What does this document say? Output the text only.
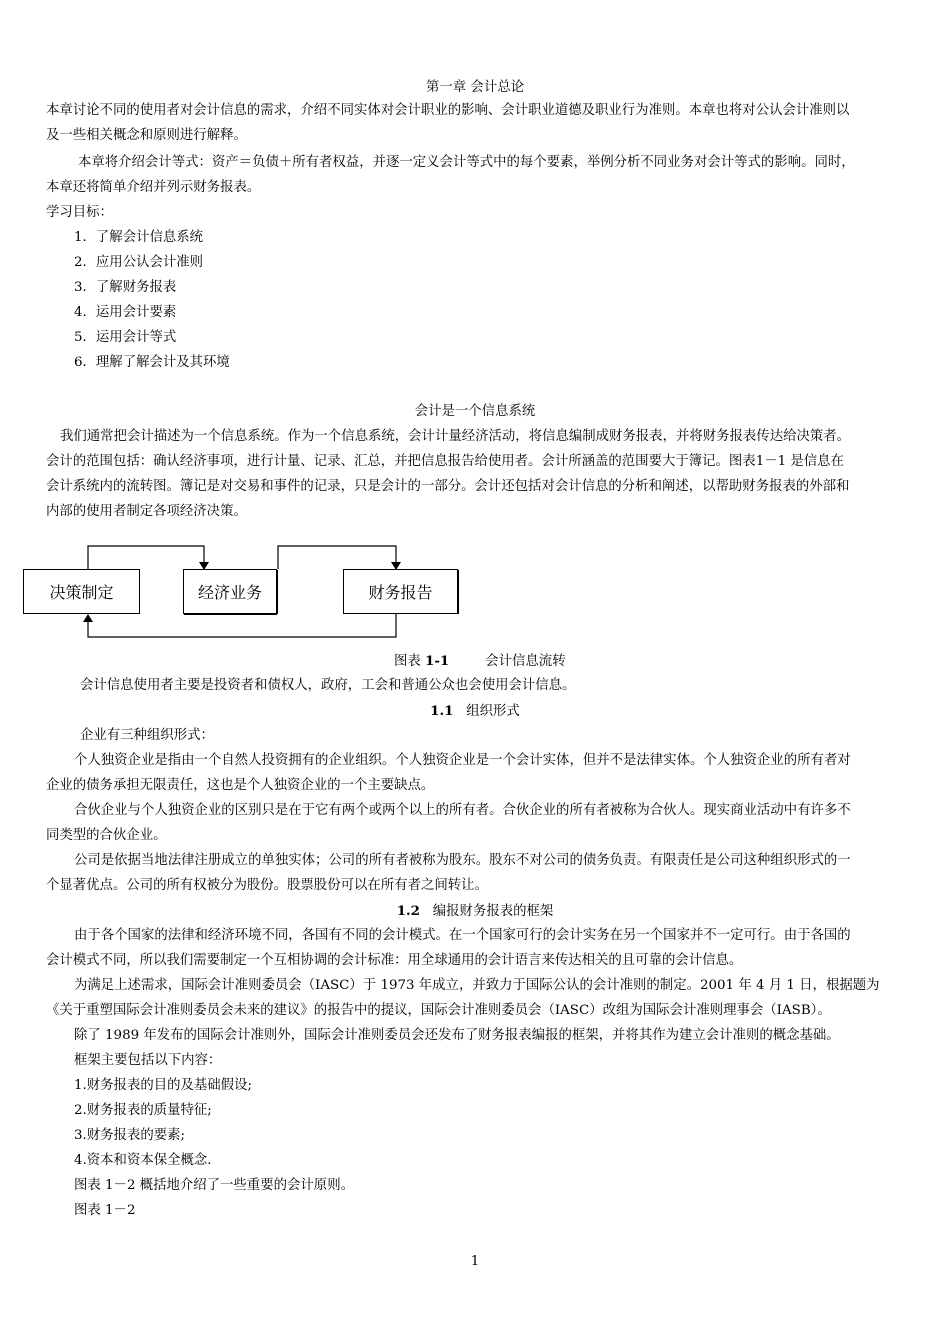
第一章 会计总论
本章讨论不同的使用者对会计信息的需求，介绍不同实体对会计职业的影响、会计职业道德及职业行为准则。本章也将对公认会计准则以
及一些相关概念和原则进行解释。
本章将介绍会计等式：资产＝负债＋所有者权益，并逐一定义会计等式中的每个要素，举例分析不同业务对会计等式的影响。同时，
本章还将简单介绍并列示财务报表。
学习目标：
1．了解会计信息系统
2．应用公认会计准则
3．了解财务报表
4．运用会计要素
5．运用会计等式
6．理解了解会计及其环境
会计是一个信息系统
我们通常把会计描述为一个信息系统。作为一个信息系统，会计计量经济活动，将信息编制成财务报表，并将财务报表传达给决策者。
会计的范围包括：确认经济事项，进行计量、记录、汇总，并把信息报告给使用者。会计所涵盖的范围要大于簿记。图表1－1 是信息在
会计系统内的流转图。簿记是对交易和事件的记录，只是会计的一部分。会计还包括对会计信息的分析和阐述，以帮助财务报表的外部和
内部的使用者制定各项经济决策。
决策制定	经济业务	财务报告
图表 1-1	会计信息流转
会计信息使用者主要是投资者和债权人，政府，工会和普通公众也会使用会计信息。
1.1 组织形式
企业有三种组织形式：
个人独资企业是指由一个自然人投资拥有的企业组织。个人独资企业是一个会计实体，但并不是法律实体。个人独资企业的所有者对
企业的债务承担无限责任，这也是个人独资企业的一个主要缺点。
合伙企业与个人独资企业的区别只是在于它有两个或两个以上的所有者。合伙企业的所有者被称为合伙人。现实商业活动中有许多不
同类型的合伙企业。
公司是依据当地法律注册成立的单独实体；公司的所有者被称为股东。股东不对公司的债务负责。有限责任是公司这种组织形式的一
个显著优点。公司的所有权被分为股份。股票股份可以在所有者之间转让。
1.2 编报财务报表的框架
由于各个国家的法律和经济环境不同，各国有不同的会计模式。在一个国家可行的会计实务在另一个国家并不一定可行。由于各国的
会计模式不同，所以我们需要制定一个互相协调的会计标准：用全球通用的会计语言来传达相关的且可靠的会计信息。
为满足上述需求，国际会计准则委员会（IASC）于 1973 年成立，并致力于国际公认的会计准则的制定。2001 年 4 月 1 日，根据题为
《关于重塑国际会计准则委员会未来的建议》的报告中的提议，国际会计准则委员会（IASC）改组为国际会计准则理事会（IASB）。
除了 1989 年发布的国际会计准则外，国际会计准则委员会还发布了财务报表编报的框架，并将其作为建立会计准则的概念基础。
框架主要包括以下内容：
1.财务报表的目的及基础假设;
2.财务报表的质量特征;
3.财务报表的要素;
4.资本和资本保全概念.
图表 1－2 概括地介绍了一些重要的会计原则。
图表 1－2
1
